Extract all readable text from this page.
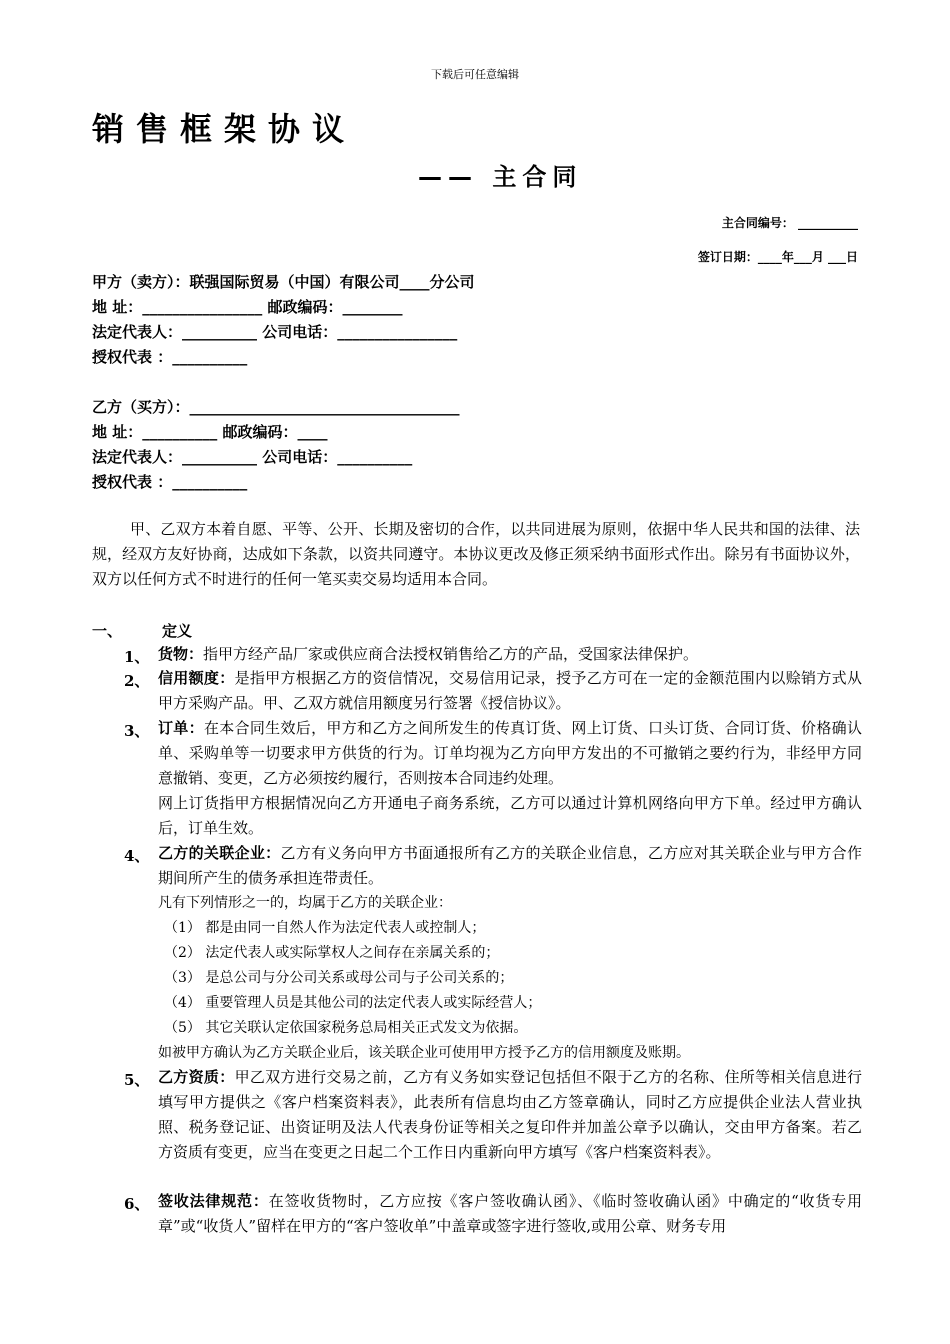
下载后可任意编辑
销售框架协议
—— 主合同
主合同编号： __________
签订日期：____年___月 ___日
甲方（卖方）：联强国际贸易（中国）有限公司____分公司
地 址：________________ 邮政编码：________
法定代表人：__________ 公司电话：________________
授权代表 ：__________
乙方（买方）：____________________________________
地 址：__________ 邮政编码：____
法定代表人：__________ 公司电话：__________
授权代表 ：__________
甲、乙双方本着自愿、平等、公开、长期及密切的合作，以共同进展为原则，依据中华人民共和国的法律、法规，经双方友好协商，达成如下条款，以资共同遵守。本协议更改及修正须采纳书面形式作出。除另有书面协议外，双方以任何方式不时进行的任何一笔买卖交易均适用本合同。
一、	定义
1、 货物：指甲方经产品厂家或供应商合法授权销售给乙方的产品，受国家法律保护。
2、 信用额度：是指甲方根据乙方的资信情况，交易信用记录，授予乙方可在一定的金额范围内以赊销方式从甲方采购产品。甲、乙双方就信用额度另行签署《授信协议》。
3、 订单：在本合同生效后，甲方和乙方之间所发生的传真订货、网上订货、口头订货、合同订货、价格确认单、采购单等一切要求甲方供货的行为。订单均视为乙方向甲方发出的不可撤销之要约行为，非经甲方同意撤销、变更，乙方必须按约履行，否则按本合同违约处理。
网上订货指甲方根据情况向乙方开通电子商务系统，乙方可以通过计算机网络向甲方下单。经过甲方确认后，订单生效。
4、 乙方的关联企业：乙方有义务向甲方书面通报所有乙方的关联企业信息，乙方应对其关联企业与甲方合作期间所产生的债务承担连带责任。
凡有下列情形之一的，均属于乙方的关联企业：
（1） 都是由同一自然人作为法定代表人或控制人；
（2） 法定代表人或实际掌权人之间存在亲属关系的；
（3） 是总公司与分公司关系或母公司与子公司关系的；
（4） 重要管理人员是其他公司的法定代表人或实际经营人；
（5） 其它关联认定依国家税务总局相关正式发文为依据。
如被甲方确认为乙方关联企业后，该关联企业可使用甲方授予乙方的信用额度及账期。
5、 乙方资质：甲乙双方进行交易之前，乙方有义务如实登记包括但不限于乙方的名称、住所等相关信息进行填写甲方提供之《客户档案资料表》，此表所有信息均由乙方签章确认，同时乙方应提供企业法人营业执照、税务登记证、出资证明及法人代表身份证等相关之复印件并加盖公章予以确认，交由甲方备案。若乙方资质有变更，应当在变更之日起二个工作日内重新向甲方填写《客户档案资料表》。
6、 签收法律规范：在签收货物时，乙方应按《客户签收确认函》、《临时签收确认函》中确定的“收货专用章”或“收货人”留样在甲方的“客户签收单”中盖章或签字进行签收,或用公章、财务专用
